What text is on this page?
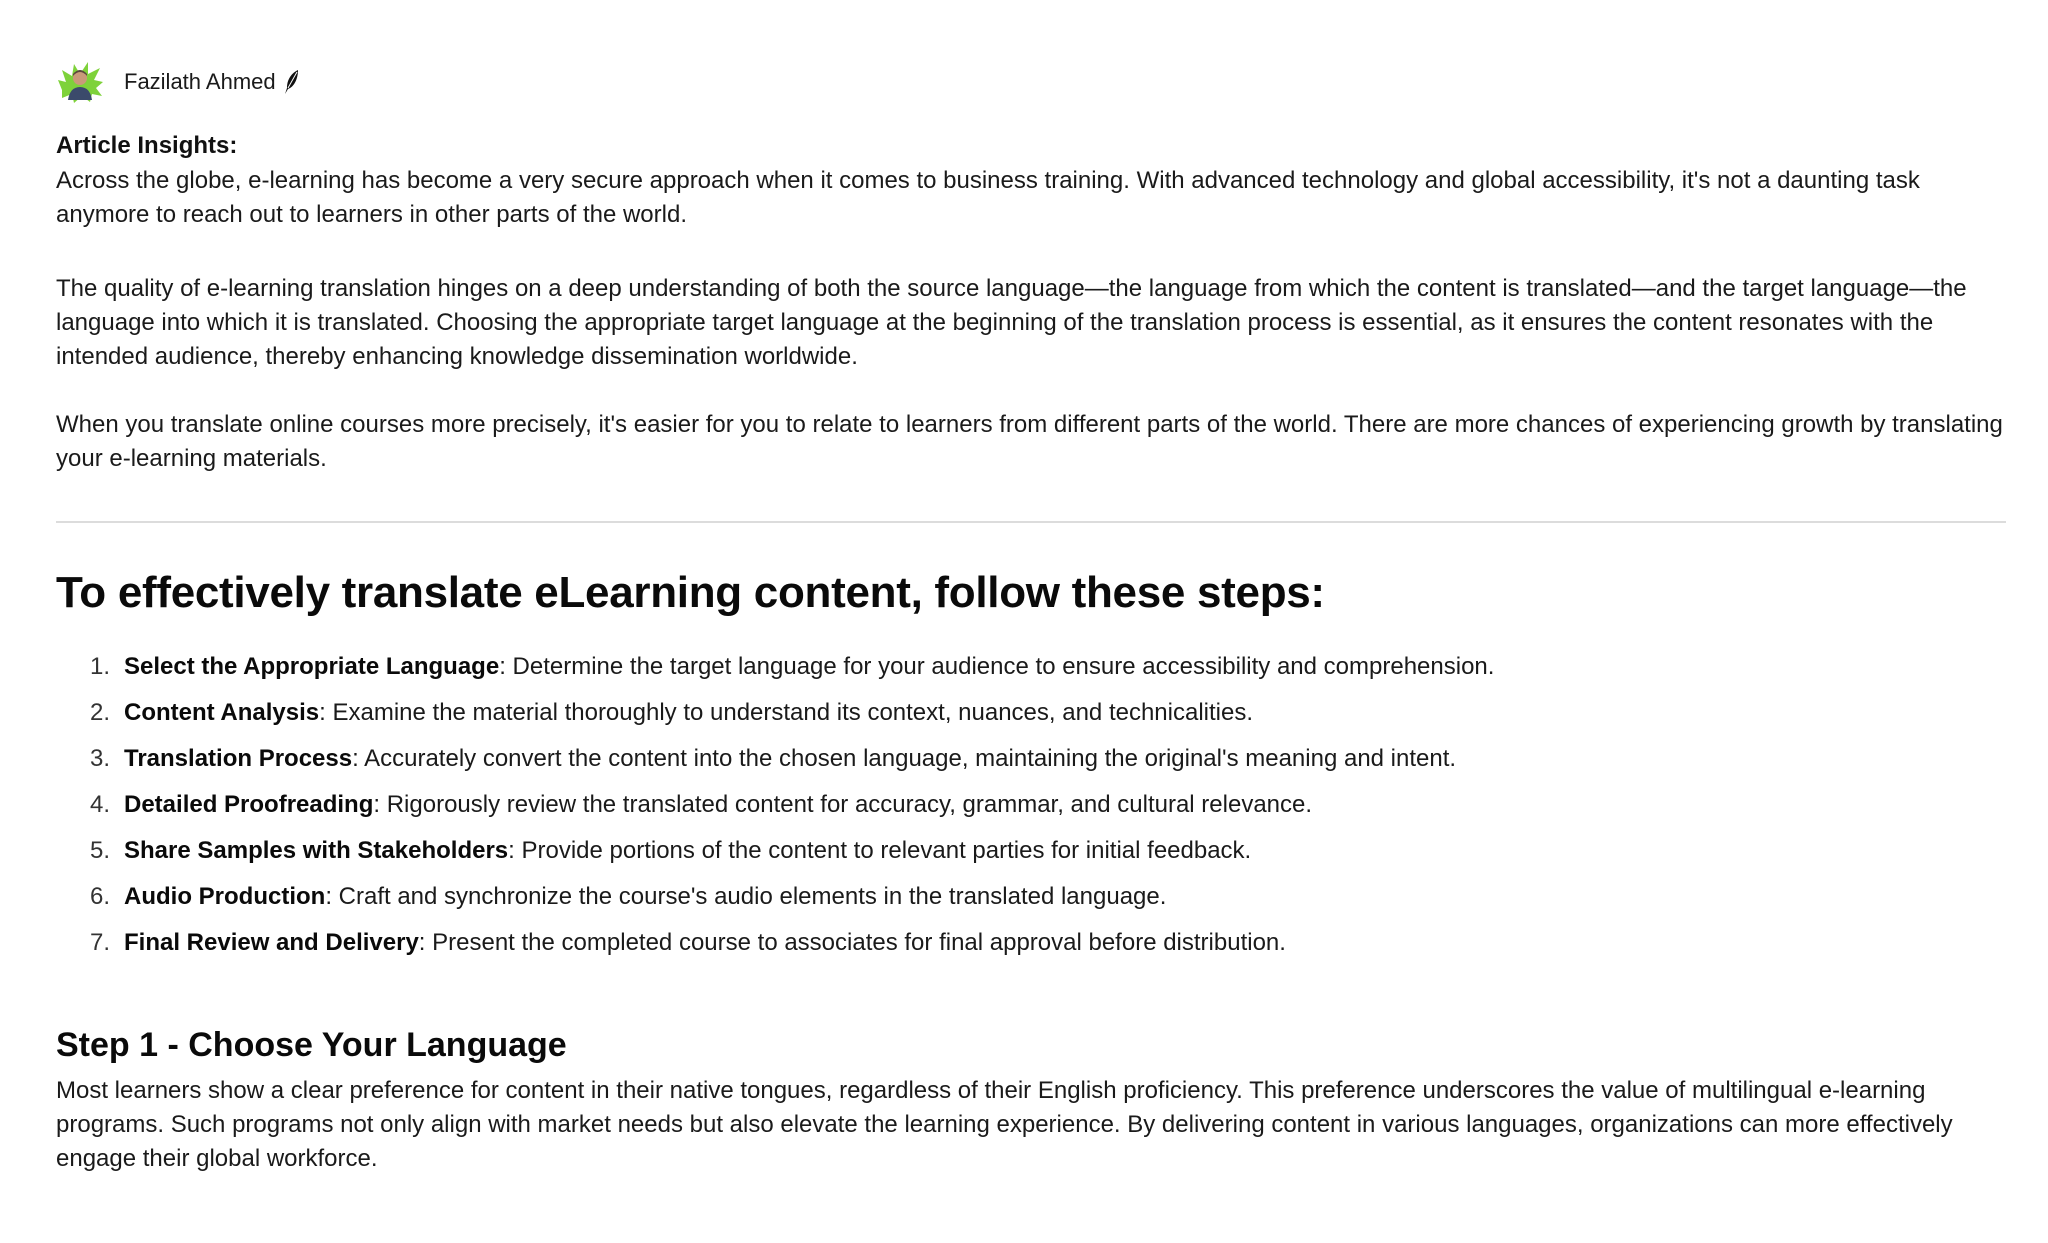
Fazilath Ahmed
Article Insights:

Across the globe, e-learning has become a very secure approach when it comes to business training. With advanced technology and global accessibility, it's not a daunting task anymore to reach out to learners in other parts of the world.

The quality of e-learning translation hinges on a deep understanding of both the source language—the language from which the content is translated—and the target language—the language into which it is translated. Choosing the appropriate target language at the beginning of the translation process is essential, as it ensures the content resonates with the intended audience, thereby enhancing knowledge dissemination worldwide.

When you translate online courses more precisely, it's easier for you to relate to learners from different parts of the world. There are more chances of experiencing growth by translating your e-learning materials.

To effectively translate eLearning content, follow these steps:
1. Select the Appropriate Language: Determine the target language for your audience to ensure accessibility and comprehension.
2. Content Analysis: Examine the material thoroughly to understand its context, nuances, and technicalities.
3. Translation Process: Accurately convert the content into the chosen language, maintaining the original's meaning and intent.
4. Detailed Proofreading: Rigorously review the translated content for accuracy, grammar, and cultural relevance.
5. Share Samples with Stakeholders: Provide portions of the content to relevant parties for initial feedback.
6. Audio Production: Craft and synchronize the course's audio elements in the translated language.
7. Final Review and Delivery: Present the completed course to associates for final approval before distribution.
Step 1 - Choose Your Language

Most learners show a clear preference for content in their native tongues, regardless of their English proficiency. This preference underscores the value of multilingual e-learning programs. Such programs not only align with market needs but also elevate the learning experience. By delivering content in various languages, organizations can more effectively engage their global workforce.
